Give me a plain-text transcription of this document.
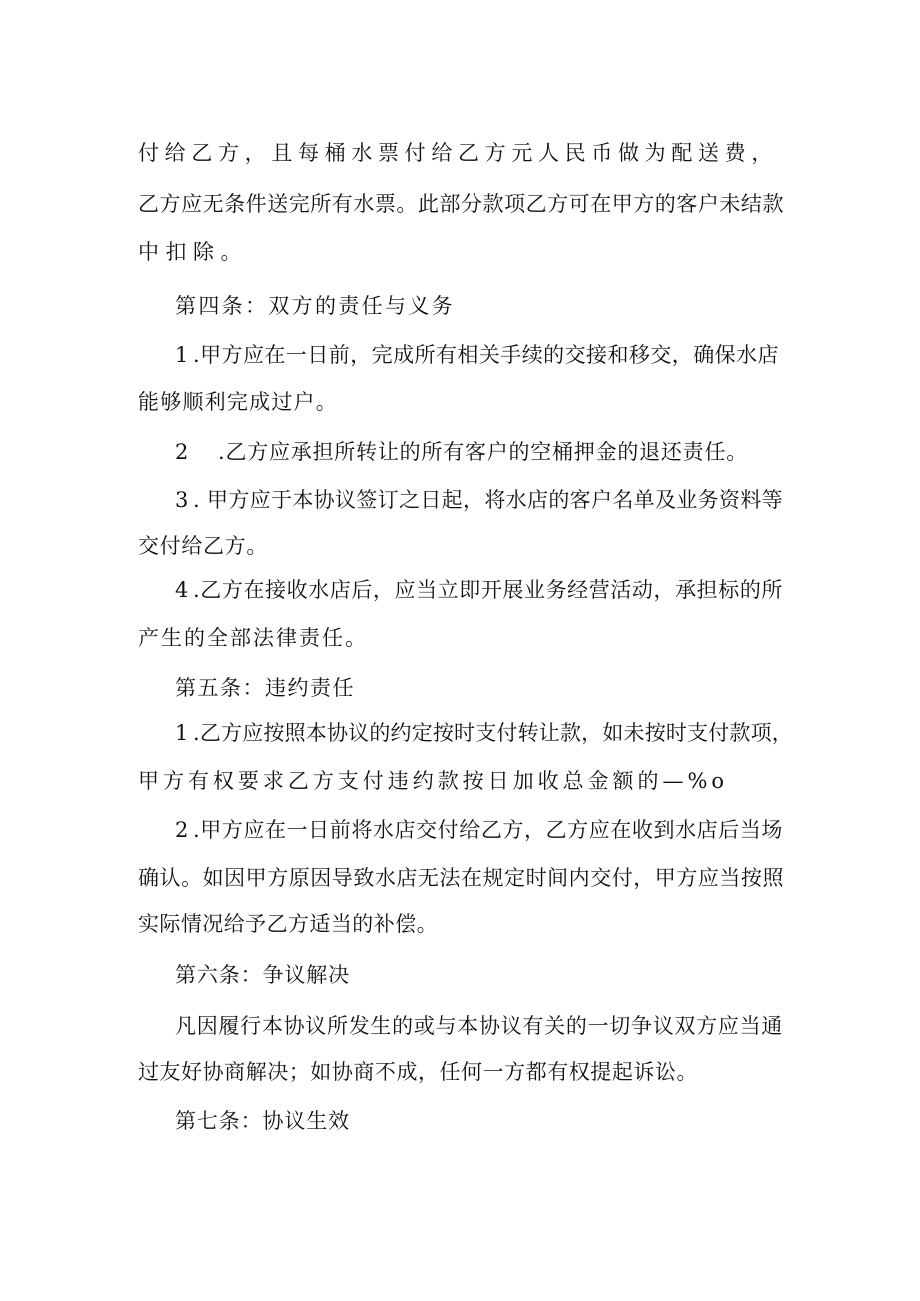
付给乙方，且每桶水票付给乙方元人民币做为配送费，
乙方应无条件送完所有水票。此部分款项乙方可在甲方的客户未结款
中扣除。
第四条：双方的责任与义务
1 .甲方应在一日前，完成所有相关手续的交接和移交，确保水店
能够顺利完成过户。
2 .乙方应承担所转让的所有客户的空桶押金的退还责任。
3 . 甲方应于本协议签订之日起，将水店的客户名单及业务资料等
交付给乙方。
4 .乙方在接收水店后，应当立即开展业务经营活动，承担标的所
产生的全部法律责任。
第五条：违约责任
1 .乙方应按照本协议的约定按时支付转让款，如未按时支付款项，
甲方有权要求乙方支付违约款按日加收总金额的—%o
2 .甲方应在一日前将水店交付给乙方，乙方应在收到水店后当场
确认。如因甲方原因导致水店无法在规定时间内交付，甲方应当按照
实际情况给予乙方适当的补偿。
第六条：争议解决
凡因履行本协议所发生的或与本协议有关的一切争议双方应当通
过友好协商解决；如协商不成，任何一方都有权提起诉讼。
第七条：协议生效
